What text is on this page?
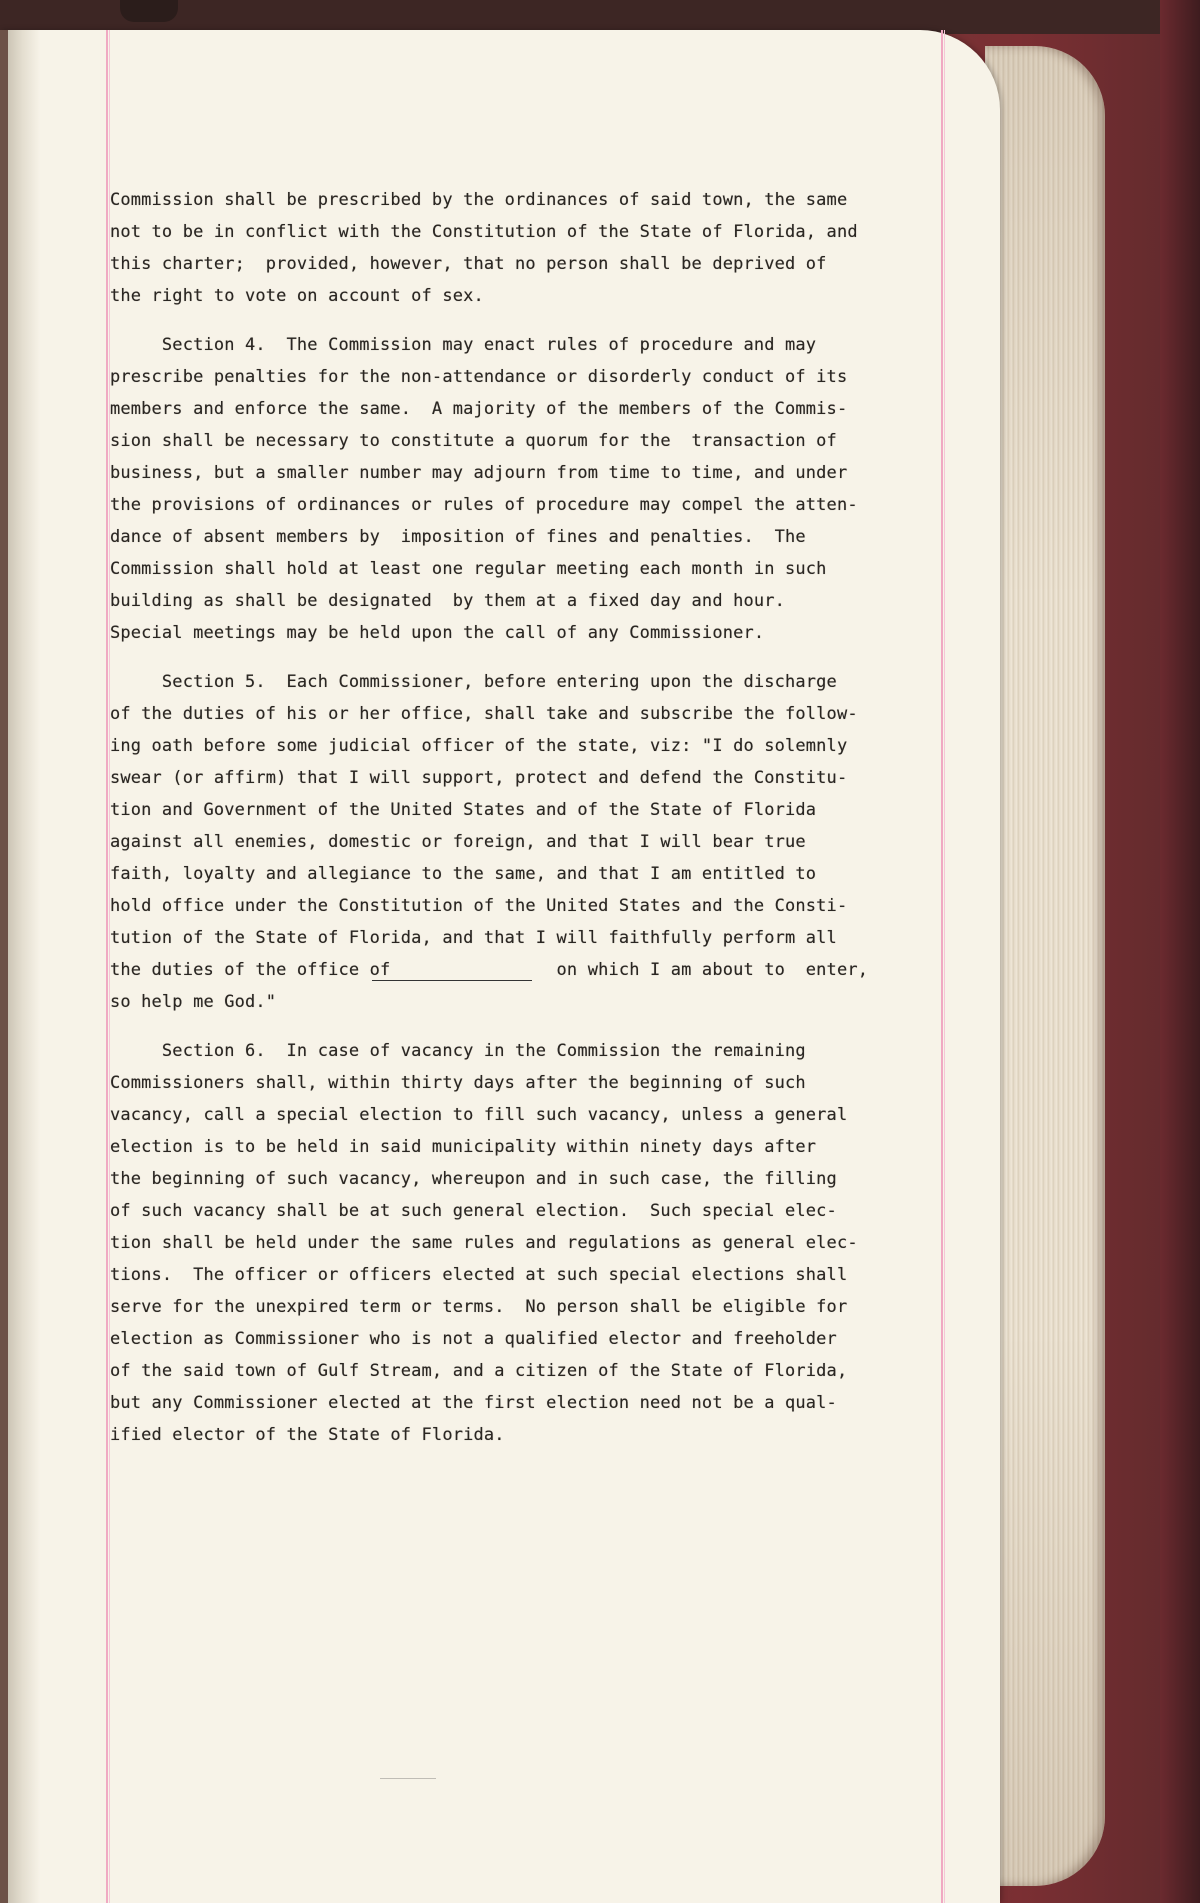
Commission shall be prescribed by the ordinances of said town, the same
not to be in conflict with the Constitution of the State of Florida, and
this charter;  provided, however, that no person shall be deprived of
the right to vote on account of sex.
Section 4.  The Commission may enact rules of procedure and may
prescribe penalties for the non-attendance or disorderly conduct of its
members and enforce the same.  A majority of the members of the Commis-
sion shall be necessary to constitute a quorum for the  transaction of
business, but a smaller number may adjourn from time to time, and under
the provisions of ordinances or rules of procedure may compel the atten-
dance of absent members by  imposition of fines and penalties.  The
Commission shall hold at least one regular meeting each month in such
building as shall be designated  by them at a fixed day and hour.
Special meetings may be held upon the call of any Commissioner.
Section 5.  Each Commissioner, before entering upon the discharge
of the duties of his or her office, shall take and subscribe the follow-
ing oath before some judicial officer of the state, viz: "I do solemnly
swear (or affirm) that I will support, protect and defend the Constitu-
tion and Government of the United States and of the State of Florida
against all enemies, domestic or foreign, and that I will bear true
faith, loyalty and allegiance to the same, and that I am entitled to
hold office under the Constitution of the United States and the Consti-
tution of the State of Florida, and that I will faithfully perform all
the duties of the office of                on which I am about to  enter,
so help me God."
Section 6.  In case of vacancy in the Commission the remaining
Commissioners shall, within thirty days after the beginning of such
vacancy, call a special election to fill such vacancy, unless a general
election is to be held in said municipality within ninety days after
the beginning of such vacancy, whereupon and in such case, the filling
of such vacancy shall be at such general election.  Such special elec-
tion shall be held under the same rules and regulations as general elec-
tions.  The officer or officers elected at such special elections shall
serve for the unexpired term or terms.  No person shall be eligible for
election as Commissioner who is not a qualified elector and freeholder
of the said town of Gulf Stream, and a citizen of the State of Florida,
but any Commissioner elected at the first election need not be a qual-
ified elector of the State of Florida.
